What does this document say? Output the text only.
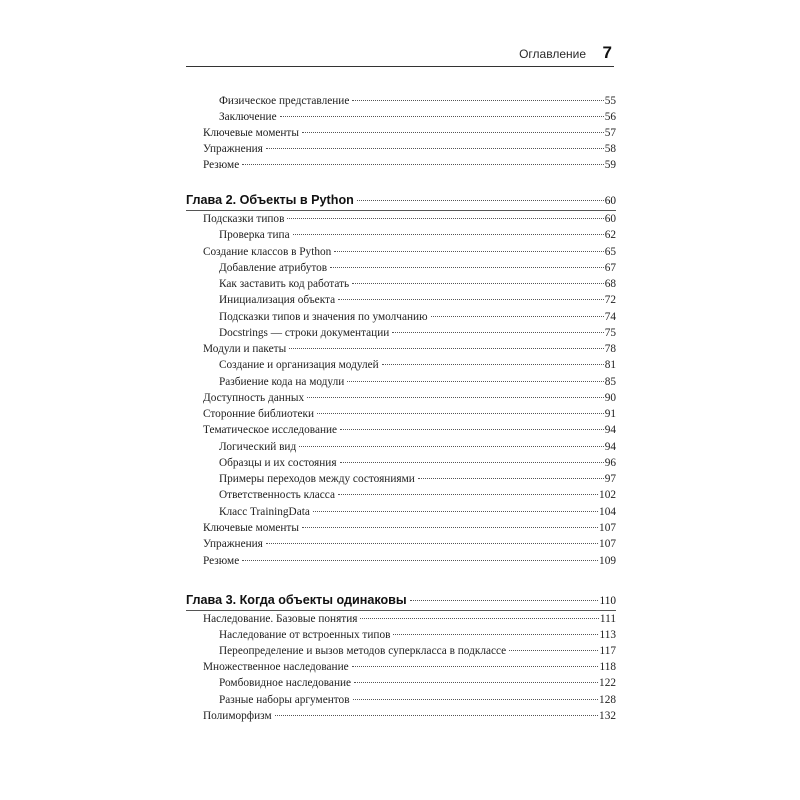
Оглавление 7
Физическое представление	55
Заключение	56
Ключевые моменты	57
Упражнения	58
Резюме	59
Глава 2. Объекты в Python	60
Подсказки типов	60
Проверка типа	62
Создание классов в Python	65
Добавление атрибутов	67
Как заставить код работать	68
Инициализация объекта	72
Подсказки типов и значения по умолчанию	74
Docstrings — строки документации	75
Модули и пакеты	78
Создание и организация модулей	81
Разбиение кода на модули	85
Доступность данных	90
Сторонние библиотеки	91
Тематическое исследование	94
Логический вид	94
Образцы и их состояния	96
Примеры переходов между состояниями	97
Ответственность класса	102
Класс TrainingData	104
Ключевые моменты	107
Упражнения	107
Резюме	109
Глава 3. Когда объекты одинаковы	110
Наследование. Базовые понятия	111
Наследование от встроенных типов	113
Переопределение и вызов методов суперкласса в подклассе	117
Множественное наследование	118
Ромбовидное наследование	122
Разные наборы аргументов	128
Полиморфизм	132
